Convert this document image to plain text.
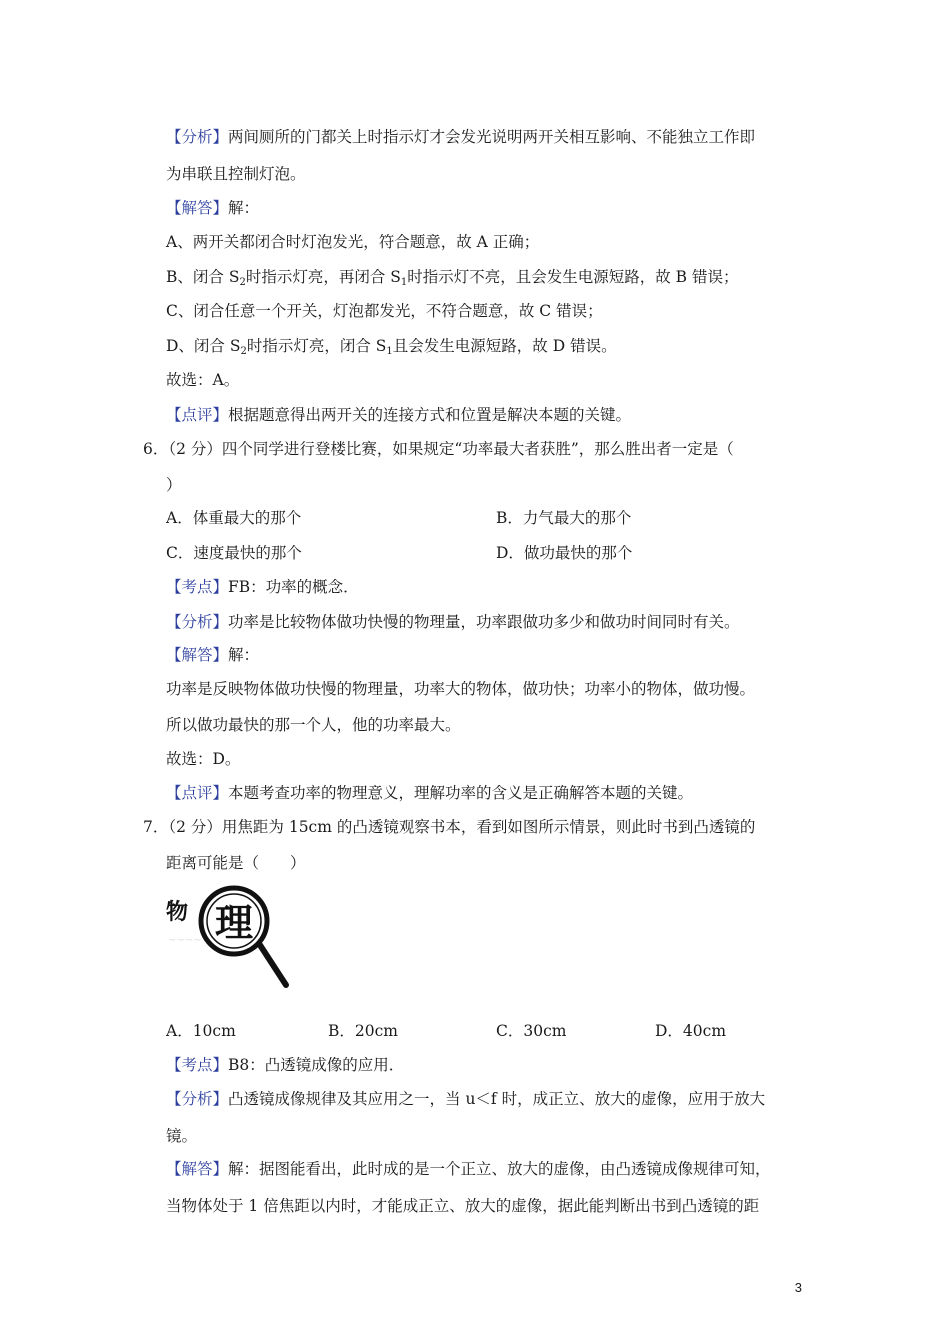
【分析】两间厕所的门都关上时指示灯才会发光说明两开关相互影响、不能独立工作即
为串联且控制灯泡。
【解答】解：
A、两开关都闭合时灯泡发光，符合题意，故 A 正确；
B、闭合 $S_2$时指示灯亮，再闭合 $S_1$时指示灯不亮，且会发生电源短路，故 B 错误；
C、闭合任意一个开关，灯泡都发光，不符合题意，故 C 错误；
D、闭合 $S_2$时指示灯亮，闭合 $S_1$且会发生电源短路，故 D 错误。
故选：A。
【点评】根据题意得出两开关的连接方式和位置是解决本题的关键。
6．（2 分）四个同学进行登楼比赛，如果规定“功率最大者获胜”，那么胜出者一定是（
）
A．体重最大的那个	B．力气最大的那个
C．速度最快的那个	D．做功最快的那个
【考点】FB：功率的概念．
【分析】功率是比较物体做功快慢的物理量，功率跟做功多少和做功时间同时有关。
【解答】解：
功率是反映物体做功快慢的物理量，功率大的物体，做功快；功率小的物体，做功慢。
所以做功最快的那一个人，他的功率最大。
故选：D。
【点评】本题考查功率的物理意义，理解功率的含义是正确解答本题的关键。
7．（2 分）用焦距为 15cm 的凸透镜观察书本，看到如图所示情景，则此时书到凸透镜的
距离可能是（　　）
物
~~~~ 理
A．10cm	B．20cm	C．30cm	D．40cm
【考点】B8：凸透镜成像的应用．
【分析】凸透镜成像规律及其应用之一，当 u＜f 时，成正立、放大的虚像，应用于放大
镜。
【解答】解：据图能看出，此时成的是一个正立、放大的虚像，由凸透镜成像规律可知，
当物体处于 1 倍焦距以内时，才能成正立、放大的虚像，据此能判断出书到凸透镜的距
3
